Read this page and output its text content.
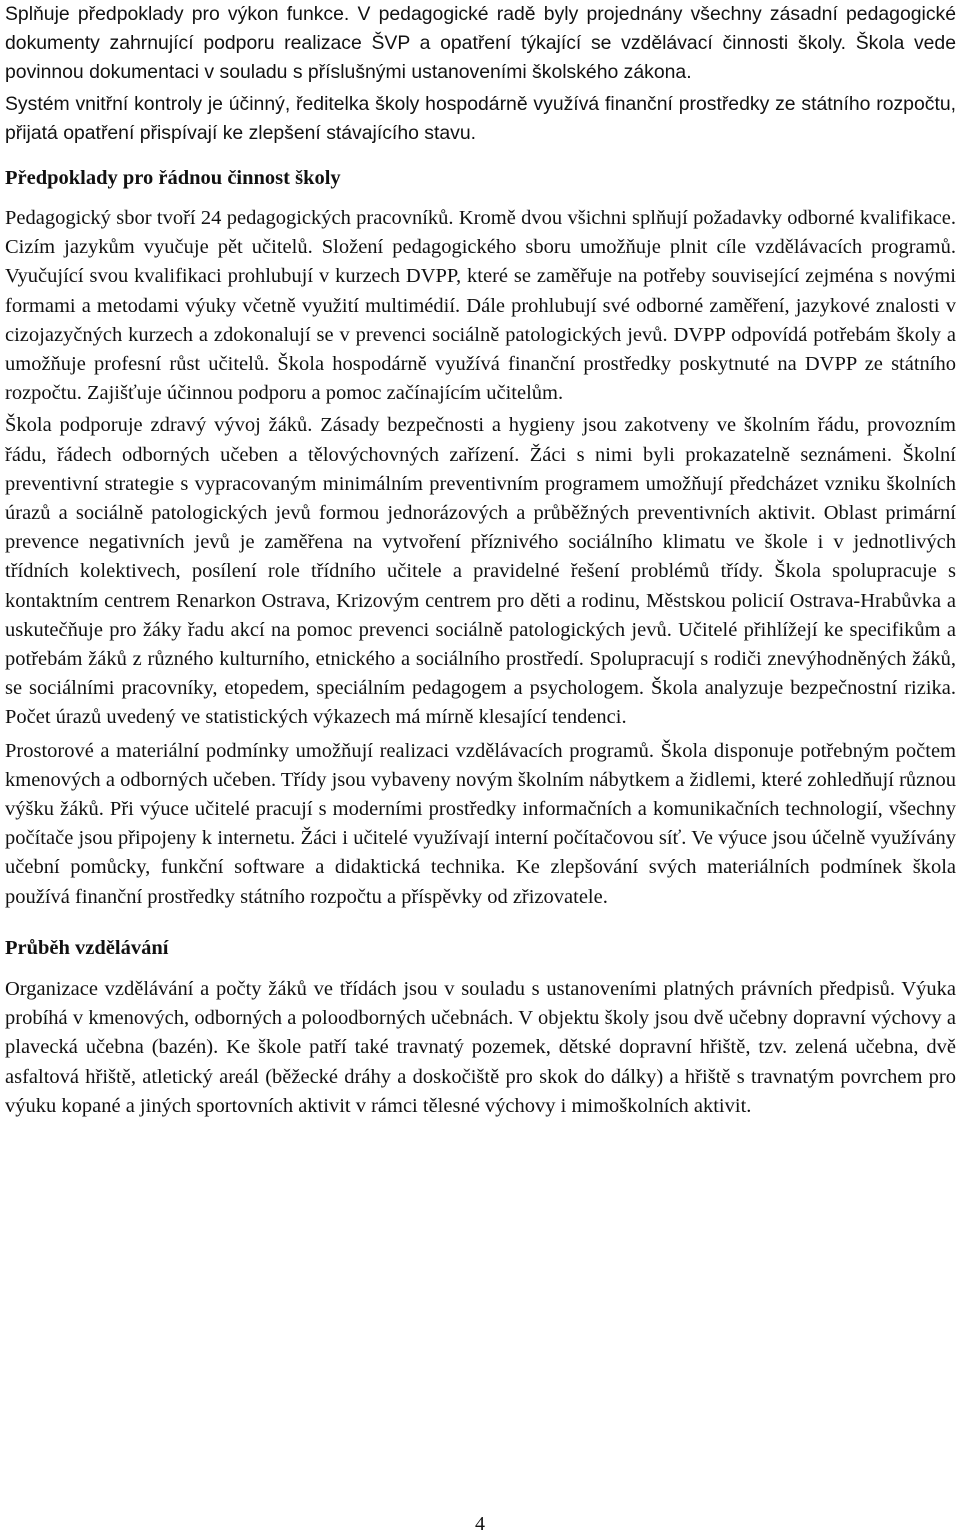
Splňuje předpoklady pro výkon funkce. V pedagogické radě byly projednány všechny zásadní pedagogické dokumenty zahrnující podporu realizace ŠVP a opatření týkající se vzdělávací činnosti školy. Škola vede povinnou dokumentaci v souladu s příslušnými ustanoveními školského zákona.

Systém vnitřní kontroly je účinný, ředitelka školy hospodárně využívá finanční prostředky ze státního rozpočtu, přijatá opatření přispívají ke zlepšení stávajícího stavu.

Předpoklady pro řádnou činnost školy

Pedagogický sbor tvoří 24 pedagogických pracovníků. Kromě dvou všichni splňují požadavky odborné kvalifikace. Cizím jazykům vyučuje pět učitelů. Složení pedagogického sboru umožňuje plnit cíle vzdělávacích programů. Vyučující svou kvalifikaci prohlubují v kurzech DVPP, které se zaměřuje na potřeby související zejména s novými formami a metodami výuky včetně využití multimédií. Dále prohlubují své odborné zaměření, jazykové znalosti v cizojazyčných kurzech a zdokonalují se v prevenci sociálně patologických jevů. DVPP odpovídá potřebám školy a umožňuje profesní růst učitelů. Škola hospodárně využívá finanční prostředky poskytnuté na DVPP ze státního rozpočtu. Zajišťuje účinnou podporu a pomoc začínajícím učitelům.

Škola podporuje zdravý vývoj žáků. Zásady bezpečnosti a hygieny jsou zakotveny ve školním řádu, provozním řádu, řádech odborných učeben a tělovýchovných zařízení. Žáci s nimi byli prokazatelně seznámeni. Školní preventivní strategie s vypracovaným minimálním preventivním programem umožňují předcházet vzniku školních úrazů a sociálně patologických jevů formou jednorázových a průběžných preventivních aktivit. Oblast primární prevence negativních jevů je zaměřena na vytvoření příznivého sociálního klimatu ve škole i v jednotlivých třídních kolektivech, posílení role třídního učitele a pravidelné řešení problémů třídy. Škola spolupracuje s kontaktním centrem Renarkon Ostrava, Krizovým centrem pro děti a rodinu, Městskou policií Ostrava-Hrabůvka a uskutečňuje pro žáky řadu akcí na pomoc prevenci sociálně patologických jevů. Učitelé přihlížejí ke specifikům a potřebám žáků z různého kulturního, etnického a sociálního prostředí. Spolupracují s rodiči znevýhodněných žáků, se sociálními pracovníky, etopedem, speciálním pedagogem a psychologem. Škola analyzuje bezpečnostní rizika. Počet úrazů uvedený ve statistických výkazech má mírně klesající tendenci.

Prostorové a materiální podmínky umožňují realizaci vzdělávacích programů. Škola disponuje potřebným počtem kmenových a odborných učeben. Třídy jsou vybaveny novým školním nábytkem a židlemi, které zohledňují různou výšku žáků. Při výuce učitelé pracují s moderními prostředky informačních a komunikačních technologií, všechny počítače jsou připojeny k internetu. Žáci i učitelé využívají interní počítačovou síť. Ve výuce jsou účelně využívány učební pomůcky, funkční software a didaktická technika. Ke zlepšování svých materiálních podmínek škola používá finanční prostředky státního rozpočtu a příspěvky od zřizovatele.

Průběh vzdělávání

Organizace vzdělávání a počty žáků ve třídách jsou v souladu s ustanoveními platných právních předpisů. Výuka probíhá v kmenových, odborných a poloodborných učebnách. V objektu školy jsou dvě učebny dopravní výchovy a plavecká učebna (bazén). Ke škole patří také travnatý pozemek, dětské dopravní hřiště, tzv. zelená učebna, dvě asfaltová hřiště, atletický areál (běžecké dráhy a doskočiště pro skok do dálky) a hřiště s travnatým povrchem pro výuku kopané a jiných sportovních aktivit v rámci tělesné výchovy i mimoškolních aktivit.

4
